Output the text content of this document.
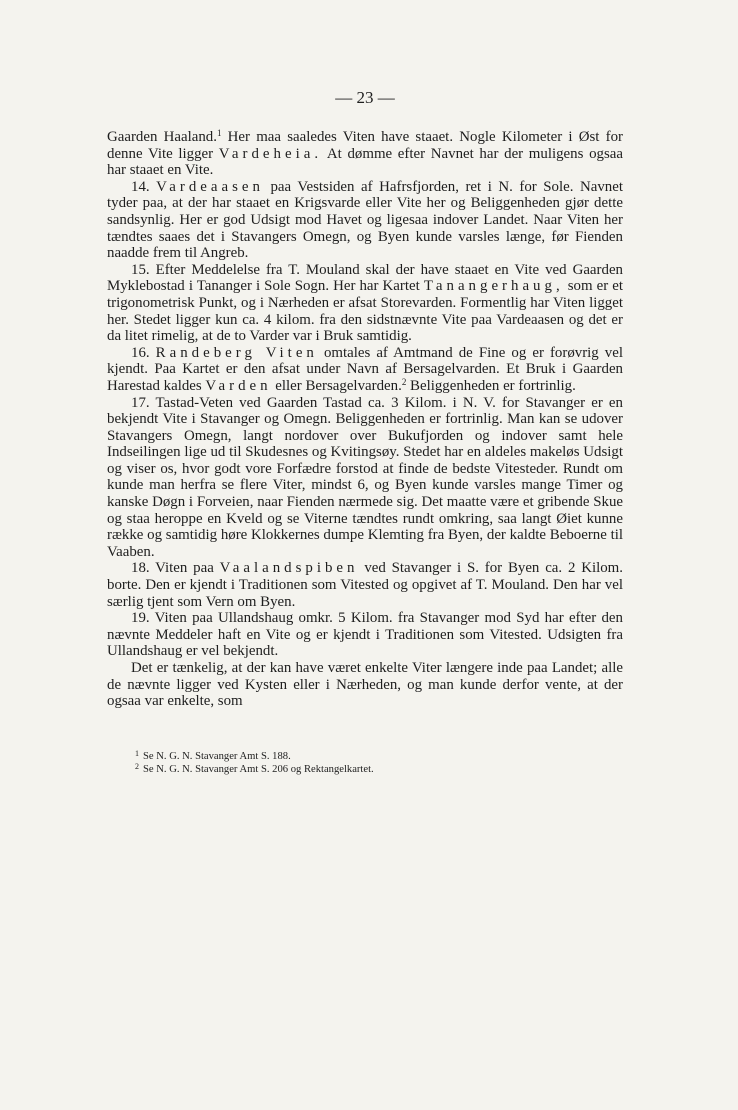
— 23 —

Gaarden Haaland.$^1$ Her maa saaledes Viten have staaet. Nogle Kilometer i Øst for denne Vite ligger Vardeheia. At dømme efter Navnet har der muligens ogsaa har staaet en Vite.

14. Vardeaasen paa Vestsiden af Hafrsfjorden, ret i N. for Sole. Navnet tyder paa, at der har staaet en Krigsvarde eller Vite her og Beliggenheden gjør dette sandsynlig. Her er god Udsigt mod Havet og ligesaa indover Landet. Naar Viten her tændtes saaes det i Stavangers Omegn, og Byen kunde varsles længe, før Fienden naadde frem til Angreb.

15. Efter Meddelelse fra T. Mouland skal der have staaet en Vite ved Gaarden Myklebostad i Tananger i Sole Sogn. Her har Kartet Tanangerhaug, som er et trigonometrisk Punkt, og i Nærheden er afsat Storevarden. Formentlig har Viten ligget her. Stedet ligger kun ca. 4 kilom. fra den sidstnævnte Vite paa Vardeaasen og det er da litet rimelig, at de to Varder var i Bruk samtidig.

16. Randeberg Viten omtales af Amtmand de Fine og er forøvrig vel kjendt. Paa Kartet er den afsat under Navn af Bersagelvarden. Et Bruk i Gaarden Harestad kaldes Varden eller Bersagelvarden.$^2$ Beliggenheden er fortrinlig.

17. Tastad-Veten ved Gaarden Tastad ca. 3 Kilom. i N. V. for Stavanger er en bekjendt Vite i Stavanger og Omegn. Beliggenheden er fortrinlig. Man kan se udover Stavangers Omegn, langt nordover over Bukufjorden og indover samt hele Indseilingen lige ud til Skudesnes og Kvitingsøy. Stedet har en aldeles makeløs Udsigt og viser os, hvor godt vore Forfædre forstod at finde de bedste Vitesteder. Rundt om kunde man herfra se flere Viter, mindst 6, og Byen kunde varsles mange Timer og kanske Døgn i Forveien, naar Fienden nærmede sig. Det maatte være et gribende Skue og staa heroppe en Kveld og se Viterne tændtes rundt omkring, saa langt Øiet kunne række og samtidig høre Klokkernes dumpe Klemting fra Byen, der kaldte Beboerne til Vaaben.

18. Viten paa Vaalandspiben ved Stavanger i S. for Byen ca. 2 Kilom. borte. Den er kjendt i Traditionen som Vitested og opgivet af T. Mouland. Den har vel særlig tjent som Vern om Byen.

19. Viten paa Ullandshaug omkr. 5 Kilom. fra Stavanger mod Syd har efter den nævnte Meddeler haft en Vite og er kjendt i Traditionen som Vitested. Udsigten fra Ullandshaug er vel bekjendt.

Det er tænkelig, at der kan have været enkelte Viter længere inde paa Landet; alle de nævnte ligger ved Kysten eller i Nærheden, og man kunde derfor vente, at der ogsaa var enkelte, som

$^1$ Se N. G. N. Stavanger Amt S. 188.
$^2$ Se N. G. N. Stavanger Amt S. 206 og Rektangelkartet.
